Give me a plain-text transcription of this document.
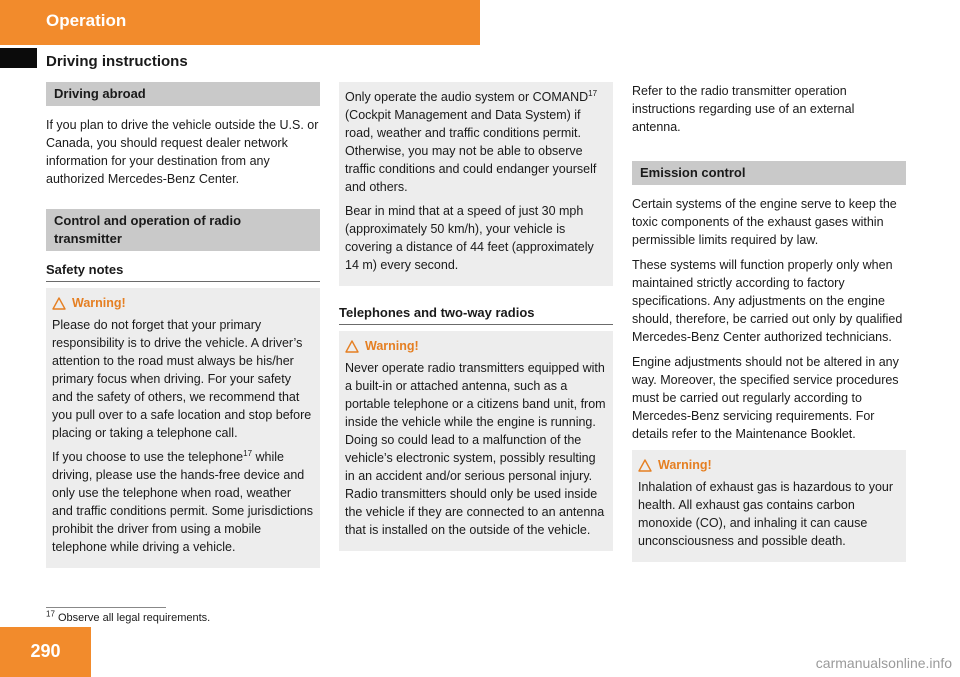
Operation
Driving instructions
Driving abroad

If you plan to drive the vehicle outside the U.S. or Canada, you should request dealer network information for your destination from any authorized Mercedes-Benz Center.

Control and operation of radio transmitter
Safety notes
Warning!

Please do not forget that your primary responsibility is to drive the vehicle. A driver’s attention to the road must always be his/her primary focus when driving. For your safety and the safety of others, we recommend that you pull over to a safe location and stop before placing or taking a telephone call.

If you choose to use the telephone$^{17}$ while driving, please use the hands-free device and only use the telephone when road, weather and traffic conditions permit. Some jurisdictions prohibit the driver from using a mobile telephone while driving a vehicle.

Only operate the audio system or COMAND$^{17}$ (Cockpit Management and Data System) if road, weather and traffic conditions permit. Otherwise, you may not be able to observe traffic conditions and could endanger yourself and others.

Bear in mind that at a speed of just 30 mph (approximately 50 km/h), your vehicle is covering a distance of 44 feet (approximately 14 m) every second.

Telephones and two-way radios
Warning!

Never operate radio transmitters equipped with a built-in or attached antenna, such as a portable telephone or a citizens band unit, from inside the vehicle while the engine is running. Doing so could lead to a malfunction of the vehicle’s electronic system, possibly resulting in an accident and/or serious personal injury. Radio transmitters should only be used inside the vehicle if they are connected to an antenna that is installed on the outside of the vehicle.

Refer to the radio transmitter operation instructions regarding use of an external antenna.

Emission control

Certain systems of the engine serve to keep the toxic components of the exhaust gases within permissible limits required by law.

These systems will function properly only when maintained strictly according to factory specifications. Any adjustments on the engine should, therefore, be carried out only by qualified Mercedes-Benz Center authorized technicians.

Engine adjustments should not be altered in any way. Moreover, the specified service procedures must be carried out regularly according to Mercedes-Benz servicing requirements. For details refer to the Maintenance Booklet.

Warning!

Inhalation of exhaust gas is hazardous to your health. All exhaust gas contains carbon monoxide (CO), and inhaling it can cause unconsciousness and possible death.

$^{17}$ Observe all legal requirements.
290
carmanualsonline.info
